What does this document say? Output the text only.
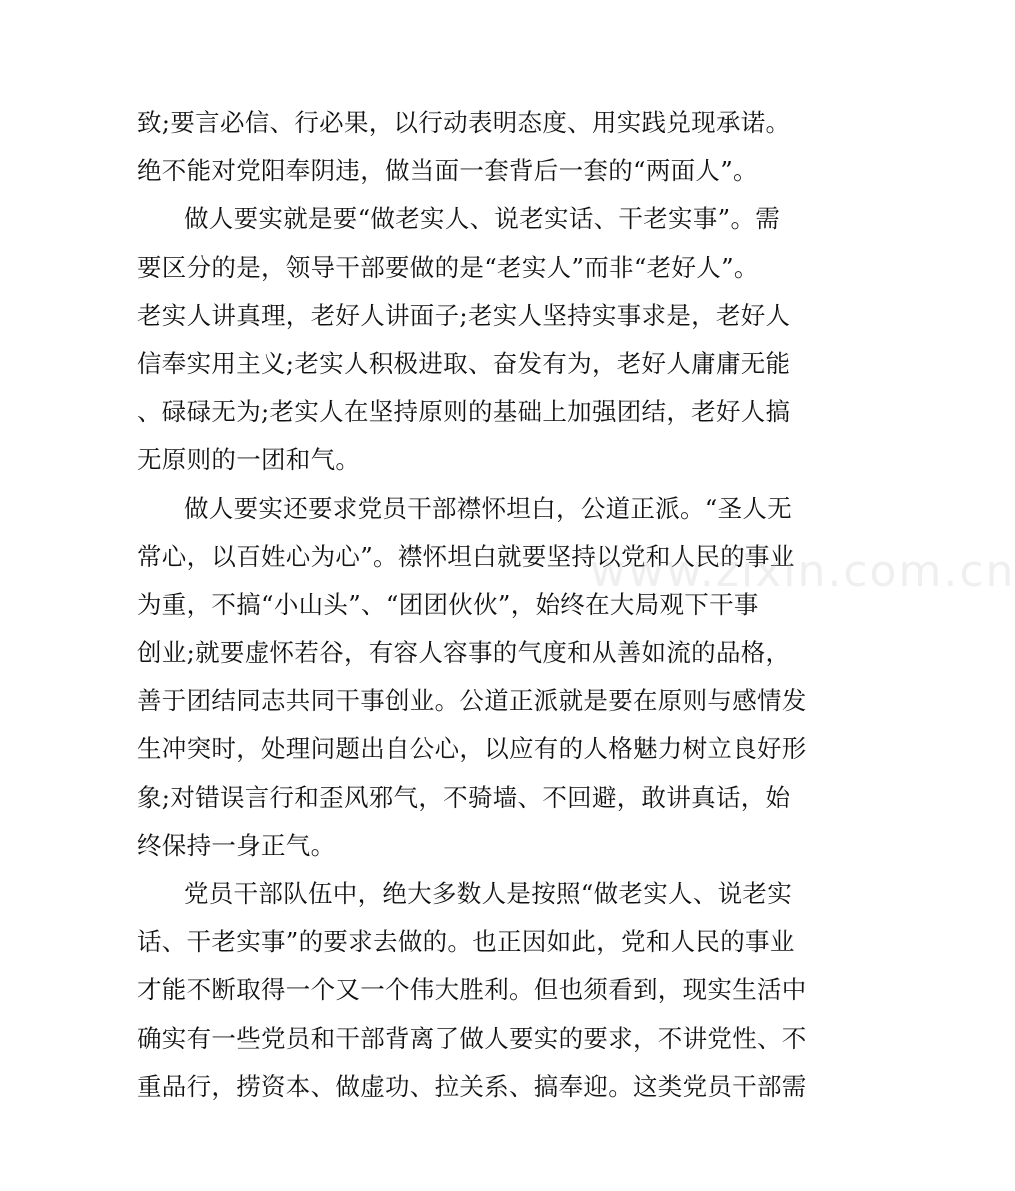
致;要言必信、行必果，以行动表明态度、用实践兑现承诺。
绝不能对党阳奉阴违，做当面一套背后一套的“两面人”。
做人要实就是要“做老实人、说老实话、干老实事”。需
要区分的是，领导干部要做的是“老实人”而非“老好人”。
老实人讲真理，老好人讲面子;老实人坚持实事求是，老好人
信奉实用主义;老实人积极进取、奋发有为，老好人庸庸无能
、碌碌无为;老实人在坚持原则的基础上加强团结，老好人搞
无原则的一团和气。
做人要实还要求党员干部襟怀坦白，公道正派。“圣人无
常心，以百姓心为心”。襟怀坦白就要坚持以党和人民的事业
为重，不搞“小山头”、“团团伙伙”，始终在大局观下干事
创业;就要虚怀若谷，有容人容事的气度和从善如流的品格，
善于团结同志共同干事创业。公道正派就是要在原则与感情发
生冲突时，处理问题出自公心，以应有的人格魅力树立良好形
象;对错误言行和歪风邪气，不骑墙、不回避，敢讲真话，始
终保持一身正气。
党员干部队伍中，绝大多数人是按照“做老实人、说老实
话、干老实事”的要求去做的。也正因如此，党和人民的事业
才能不断取得一个又一个伟大胜利。但也须看到，现实生活中
确实有一些党员和干部背离了做人要实的要求，不讲党性、不
重品行，捞资本、做虚功、拉关系、搞奉迎。这类党员干部需
www.zixin.com.cn
